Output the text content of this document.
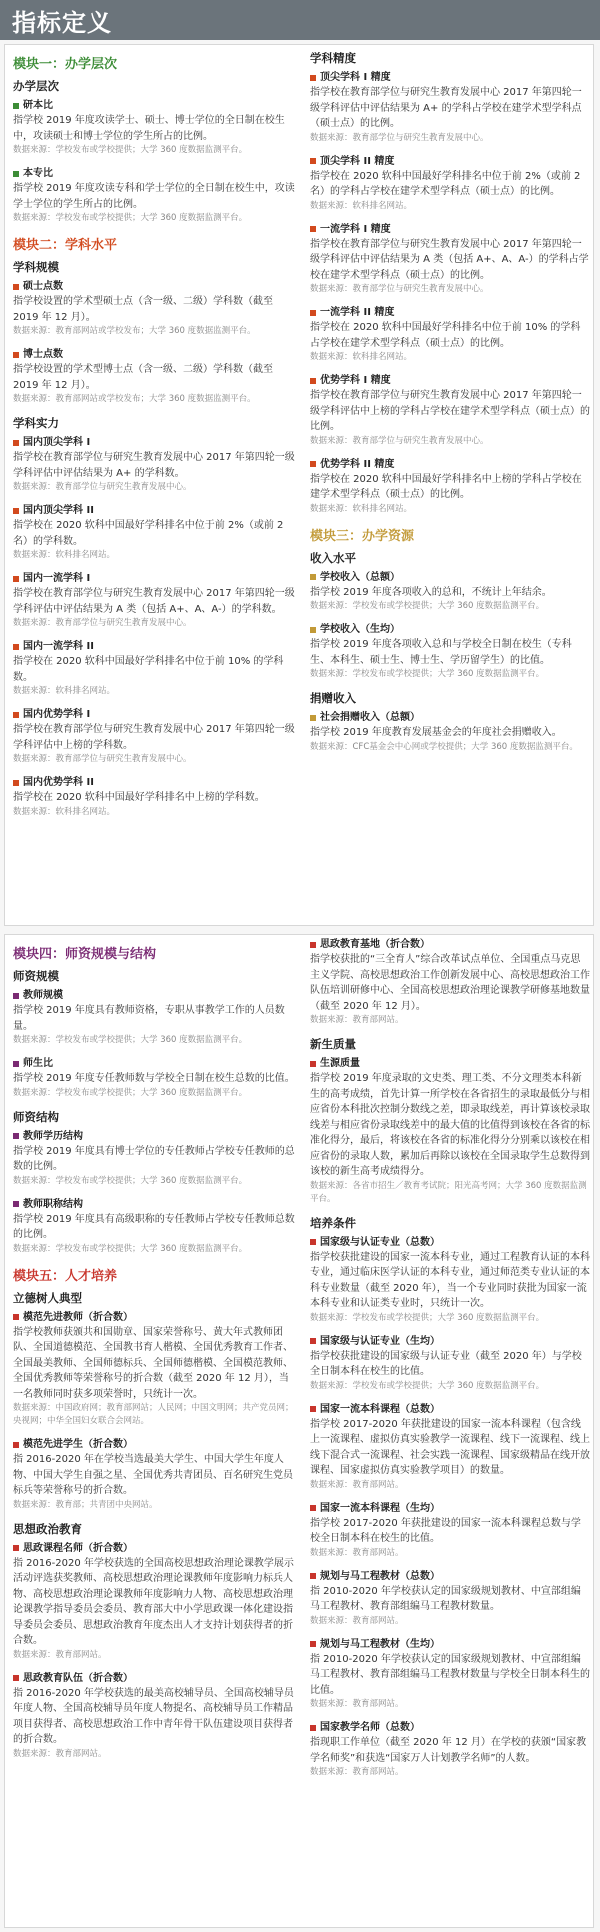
指标定义
模块一：办学层次
办学层次
研本比
指学校 2019 年度攻读学士、硕士、博士学位的全日制在校生中，攻读硕士和博士学位的学生所占的比例。
数据来源：学校发布或学校提供；大学 360 度数据监测平台。
本专比
指学校 2019 年度攻读专科和学士学位的全日制在校生中，攻读学士学位的学生所占的比例。
数据来源：学校发布或学校提供；大学 360 度数据监测平台。
模块二：学科水平
学科规模
硕士点数
指学校设置的学术型硕士点（含一级、二级）学科数（截至 2019 年 12 月）。
数据来源：教育部网站或学校发布；大学 360 度数据监测平台。
博士点数
指学校设置的学术型博士点（含一级、二级）学科数（截至 2019 年 12 月）。
数据来源：教育部网站或学校发布；大学 360 度数据监测平台。
学科实力
国内顶尖学科 I
指学校在教育部学位与研究生教育发展中心 2017 年第四轮一级学科评估中评估结果为 A+ 的学科数。
数据来源：教育部学位与研究生教育发展中心。
国内顶尖学科 II
指学校在 2020 软科中国最好学科排名中位于前 2%（或前 2 名）的学科数。
数据来源：软科排名网站。
国内一流学科 I
指学校在教育部学位与研究生教育发展中心 2017 年第四轮一级学科评估中评估结果为 A 类（包括 A+、A、A-）的学科数。
数据来源：教育部学位与研究生教育发展中心。
国内一流学科 II
指学校在 2020 软科中国最好学科排名中位于前 10% 的学科数。
数据来源：软科排名网站。
国内优势学科 I
指学校在教育部学位与研究生教育发展中心 2017 年第四轮一级学科评估中上榜的学科数。
数据来源：教育部学位与研究生教育发展中心。
国内优势学科 II
指学校在 2020 软科中国最好学科排名中上榜的学科数。
数据来源：软科排名网站。
学科精度
顶尖学科 I 精度
指学校在教育部学位与研究生教育发展中心 2017 年第四轮一级学科评估中评估结果为 A+ 的学科占学校在建学术型学科点（硕士点）的比例。
数据来源：教育部学位与研究生教育发展中心。
顶尖学科 II 精度
指学校在 2020 软科中国最好学科排名中位于前 2%（或前 2 名）的学科占学校在建学术型学科点（硕士点）的比例。
数据来源：软科排名网站。
一流学科 I 精度
指学校在教育部学位与研究生教育发展中心 2017 年第四轮一级学科评估中评估结果为 A 类（包括 A+、A、A-）的学科占学校在建学术型学科点（硕士点）的比例。
数据来源：教育部学位与研究生教育发展中心。
一流学科 II 精度
指学校在 2020 软科中国最好学科排名中位于前 10% 的学科占学校在建学术型学科点（硕士点）的比例。
数据来源：软科排名网站。
优势学科 I 精度
指学校在教育部学位与研究生教育发展中心 2017 年第四轮一级学科评估中上榜的学科占学校在建学术型学科点（硕士点）的比例。
数据来源：教育部学位与研究生教育发展中心。
优势学科 II 精度
指学校在 2020 软科中国最好学科排名中上榜的学科占学校在建学术型学科点（硕士点）的比例。
数据来源：软科排名网站。
模块三：办学资源
收入水平
学校收入（总额）
指学校 2019 年度各项收入的总和，不统计上年结余。
数据来源：学校发布或学校提供；大学 360 度数据监测平台。
学校收入（生均）
指学校 2019 年度各项收入总和与学校全日制在校生（专科生、本科生、硕士生、博士生、学历留学生）的比值。
数据来源：学校发布或学校提供；大学 360 度数据监测平台。
捐赠收入
社会捐赠收入（总额）
指学校 2019 年度教育发展基金会的年度社会捐赠收入。
数据来源：CFC基金会中心网或学校提供；大学 360 度数据监测平台。
模块四：师资规模与结构
师资规模
教师规模
指学校 2019 年度具有教师资格，专职从事教学工作的人员数量。
数据来源：学校发布或学校提供；大学 360 度数据监测平台。
师生比
指学校 2019 年度专任教师数与学校全日制在校生总数的比值。
数据来源：学校发布或学校提供；大学 360 度数据监测平台。
师资结构
教师学历结构
指学校 2019 年度具有博士学位的专任教师占学校专任教师的总数的比例。
数据来源：学校发布或学校提供；大学 360 度数据监测平台。
教师职称结构
指学校 2019 年度具有高级职称的专任教师占学校专任教师总数的比例。
数据来源：学校发布或学校提供；大学 360 度数据监测平台。
模块五：人才培养
立德树人典型
模范先进教师（折合数）
指学校教师获颁共和国勋章、国家荣誉称号、黄大年式教师团队、全国道德模范、全国教书育人楷模、全国优秀教育工作者、全国最美教师、全国师德标兵、全国师德楷模、全国模范教师、全国优秀教师等荣誉称号的折合数（截至 2020 年 12 月），当一名教师同时获多项荣誉时，只统计一次。
数据来源：中国政府网；教育部网站；人民网；中国文明网；共产党员网；央视网；中华全国妇女联合会网站。
模范先进学生（折合数）
指 2016-2020 年在学校当选最美大学生、中国大学生年度人物、中国大学生自强之星、全国优秀共青团员、百名研究生党员标兵等荣誉称号的折合数。
数据来源：教育部；共青团中央网站。
思想政治教育
思政课程名师（折合数）
指 2016-2020 年学校获选的全国高校思想政治理论课教学展示活动评选获奖教师、高校思想政治理论课教师年度影响力标兵人物、高校思想政治理论课教师年度影响力人物、高校思想政治理论课教学指导委员会委员、教育部大中小学思政课一体化建设指导委员会委员、思想政治教育年度杰出人才支持计划获得者的折合数。
数据来源：教育部网站。
思政教育队伍（折合数）
指 2016-2020 年学校获选的最美高校辅导员、全国高校辅导员年度人物、全国高校辅导员年度人物提名、高校辅导员工作精品项目获得者、高校思想政治工作中青年骨干队伍建设项目获得者的折合数。
数据来源：教育部网站。
思政教育基地（折合数）
指学校获批的“三全育人”综合改革试点单位、全国重点马克思主义学院、高校思想政治工作创新发展中心、高校思想政治工作队伍培训研修中心、全国高校思想政治理论课教学研修基地数量（截至 2020 年 12 月）。
数据来源：教育部网站。
新生质量
生源质量
指学校 2019 年度录取的文史类、理工类、不分文理类本科新生的高考成绩，首先计算一所学校在各省招生的录取最低分与相应省份本科批次控制分数线之差，即录取线差，再计算该校录取线差与相应省份录取线差中的最大值的比值得到该校在各省的标准化得分，最后，将该校在各省的标准化得分分别乘以该校在相应省份的录取人数，累加后再除以该校在全国录取学生总数得到该校的新生高考成绩得分。
数据来源：各省市招生／教育考试院；阳光高考网；大学 360 度数据监测平台。
培养条件
国家级与认证专业（总数）
指学校获批建设的国家一流本科专业，通过工程教育认证的本科专业，通过临床医学认证的本科专业，通过师范类专业认证的本科专业数量（截至 2020 年），当一个专业同时获批为国家一流本科专业和认证类专业时，只统计一次。
数据来源：学校发布或学校提供；大学 360 度数据监测平台。
国家级与认证专业（生均）
指学校获批建设的国家级与认证专业（截至 2020 年）与学校全日制本科在校生的比值。
数据来源：学校发布或学校提供；大学 360 度数据监测平台。
国家一流本科课程（总数）
指学校 2017-2020 年获批建设的国家一流本科课程（包含线上一流课程、虚拟仿真实验教学一流课程、线下一流课程、线上线下混合式一流课程、社会实践一流课程、国家级精品在线开放课程、国家虚拟仿真实验教学项目）的数量。
数据来源：教育部网站。
国家一流本科课程（生均）
指学校 2017-2020 年获批建设的国家一流本科课程总数与学校全日制本科在校生的比值。
数据来源：教育部网站。
规划与马工程教材（总数）
指 2010-2020 年学校获认定的国家级规划教材、中宣部组编马工程教材、教育部组编马工程教材数量。
数据来源：教育部网站。
规划与马工程教材（生均）
指 2010-2020 年学校获认定的国家级规划教材、中宣部组编马工程教材、教育部组编马工程教材数量与学校全日制本科生的比值。
数据来源：教育部网站。
国家教学名师（总数）
指现职工作单位（截至 2020 年 12 月）在学校的获颁“国家教学名师奖”和获选“国家万人计划教学名师”的人数。
数据来源：教育部网站。
